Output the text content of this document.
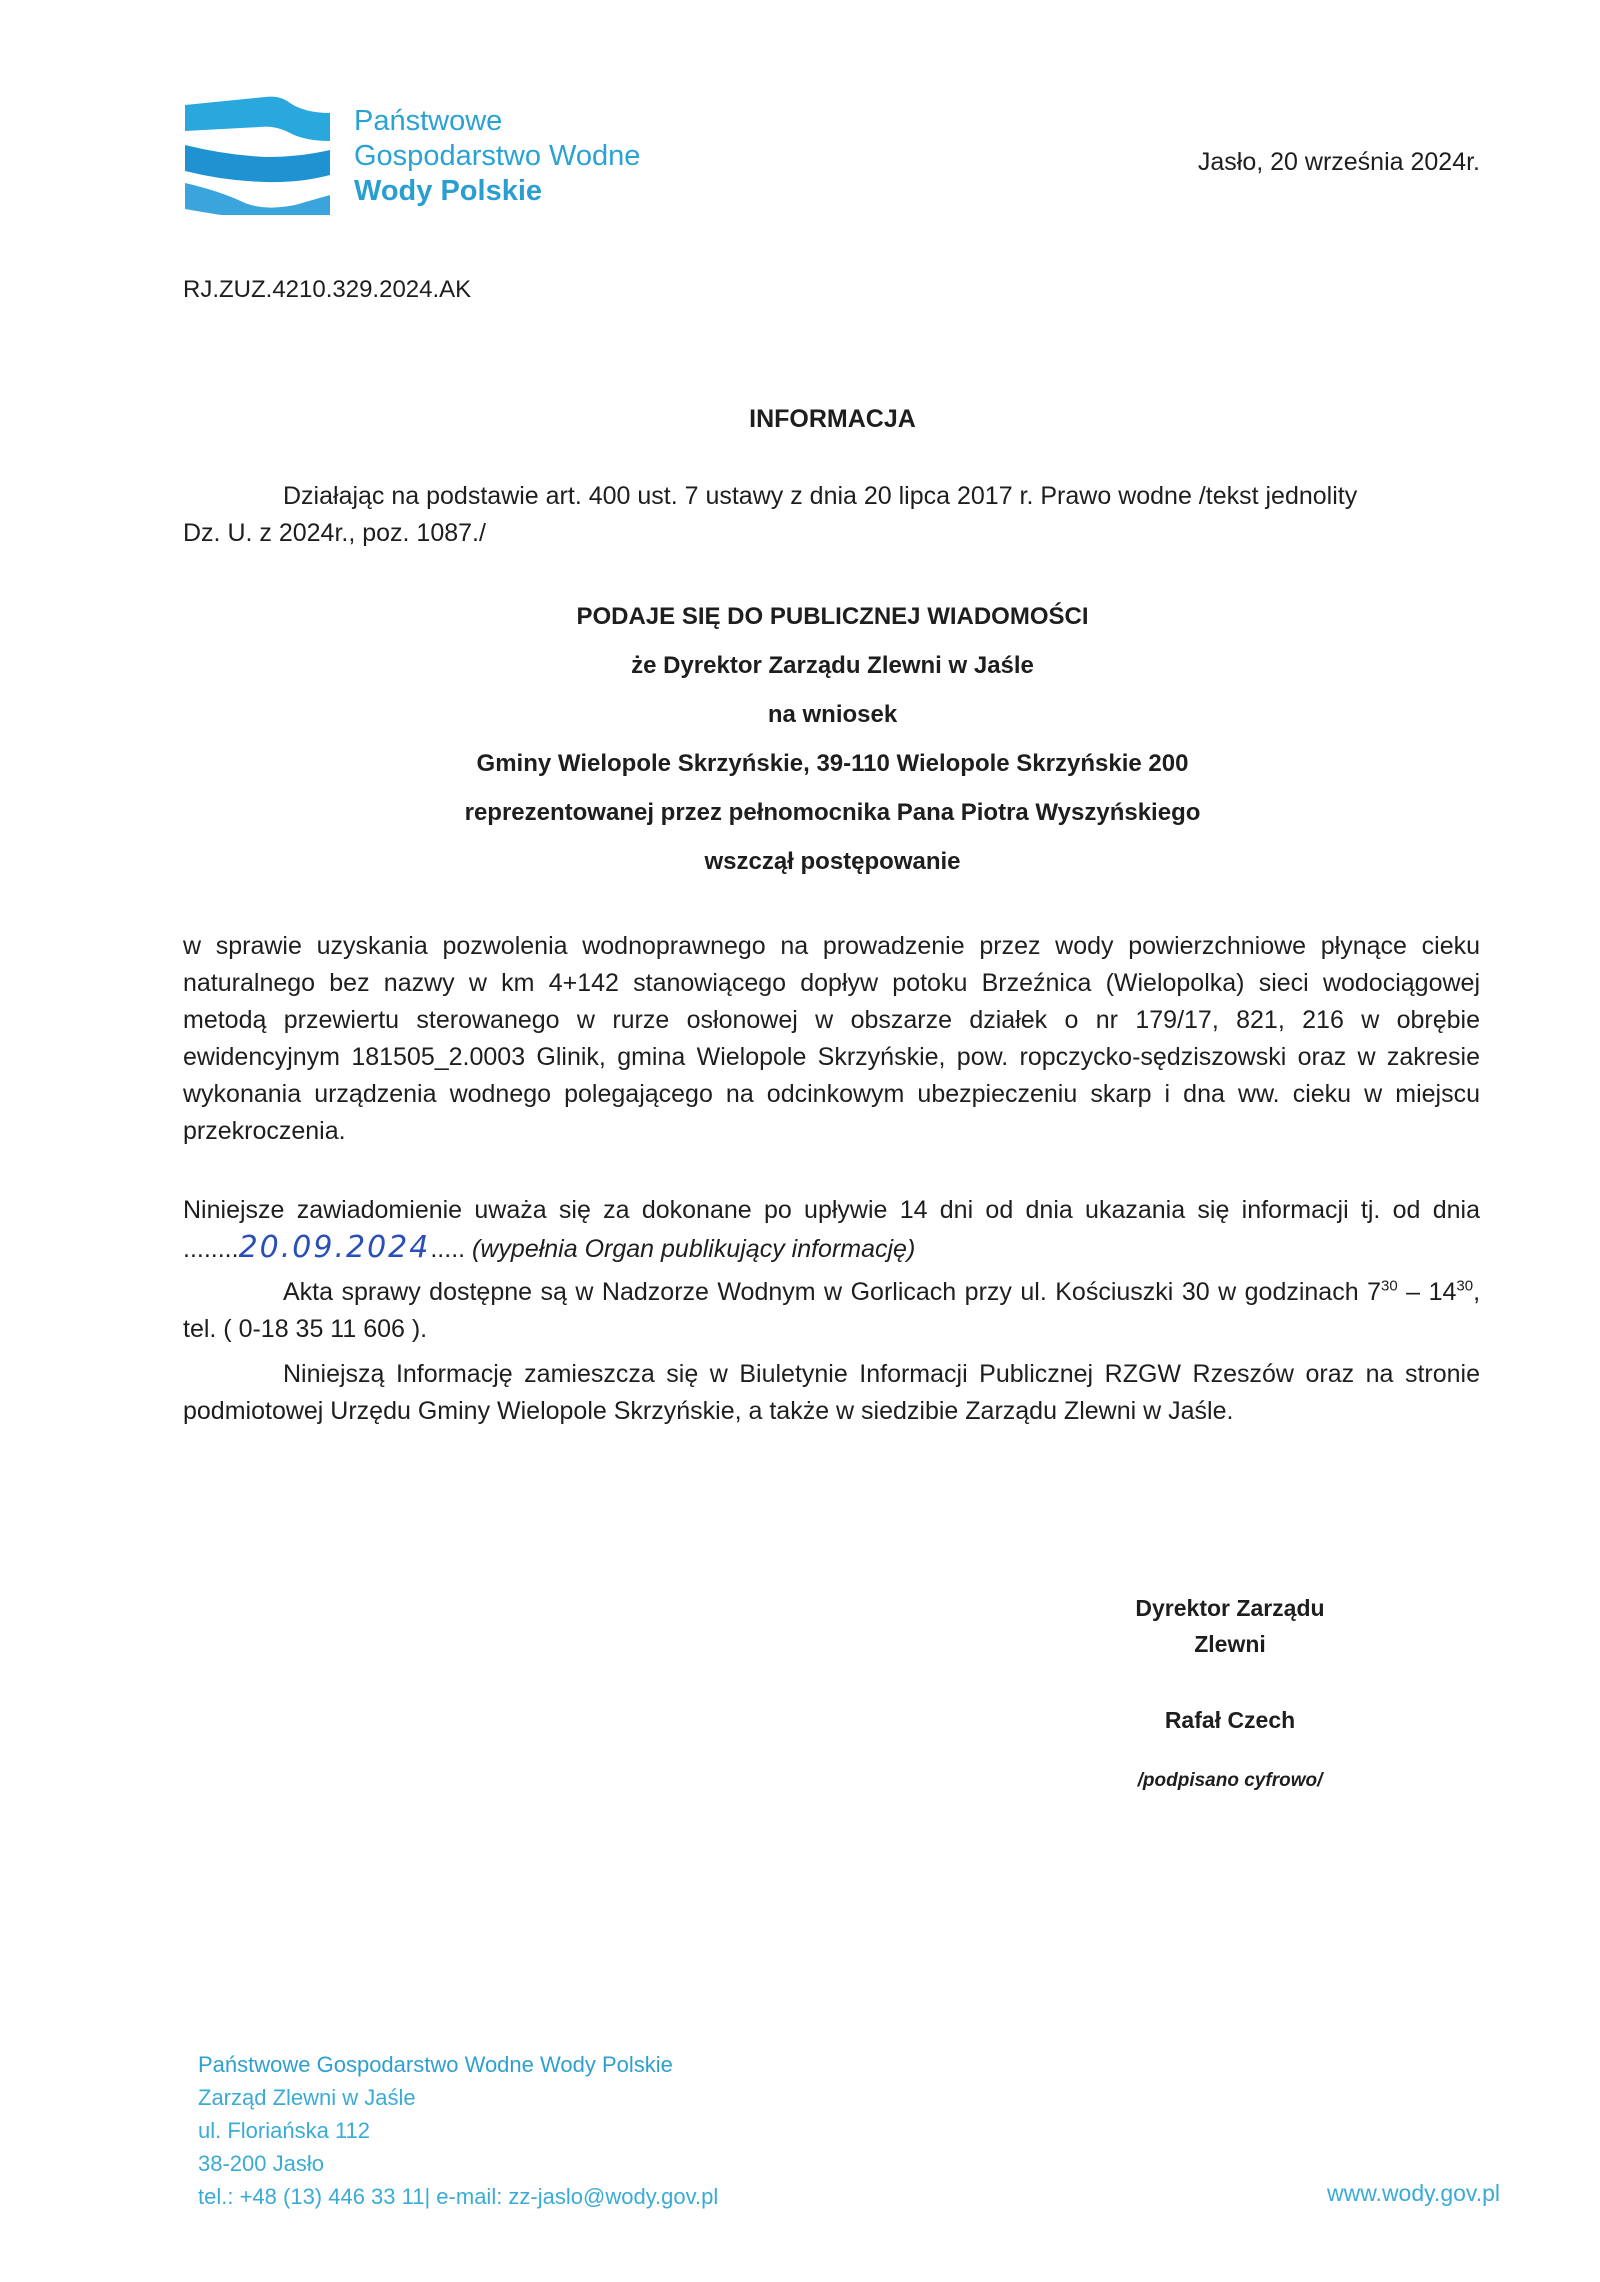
Państwowe
Gospodarstwo Wodne
Wody Polskie
Jasło, 20 września 2024r.
RJ.ZUZ.4210.329.2024.AK
INFORMACJA
Działając na podstawie art. 400 ust. 7 ustawy z dnia 20 lipca 2017 r. Prawo wodne /tekst jednolity
Dz. U. z 2024r., poz. 1087./
PODAJE SIĘ DO PUBLICZNEJ WIADOMOŚCI
że Dyrektor Zarządu Zlewni w Jaśle
na wniosek
Gminy Wielopole Skrzyńskie, 39-110 Wielopole Skrzyńskie 200
reprezentowanej przez pełnomocnika Pana Piotra Wyszyńskiego
wszczął postępowanie
w sprawie uzyskania pozwolenia wodnoprawnego na prowadzenie przez wody powierzchniowe płynące cieku naturalnego bez nazwy w km 4+142 stanowiącego dopływ potoku Brzeźnica (Wielopolka) sieci wodociągowej metodą przewiertu sterowanego w rurze osłonowej w obszarze działek o nr 179/17, 821, 216 w obrębie ewidencyjnym 181505_2.0003 Glinik, gmina Wielopole Skrzyńskie, pow. ropczycko-sędziszowski oraz w zakresie wykonania urządzenia wodnego polegającego na odcinkowym ubezpieczeniu skarp i dna ww. cieku w miejscu przekroczenia.
Niniejsze zawiadomienie uważa się za dokonane po upływie 14 dni od dnia ukazania się informacji tj. od dnia ........20.09.2024..... (wypełnia Organ publikujący informację)
Akta sprawy dostępne są w Nadzorze Wodnym w Gorlicach przy ul. Kościuszki 30 w godzinach $7^{30} - 14^{30}$, tel. ( 0-18 35 11 606 ).
Niniejszą Informację zamieszcza się w Biuletynie Informacji Publicznej RZGW Rzeszów oraz na stronie podmiotowej Urzędu Gminy Wielopole Skrzyńskie, a także w siedzibie Zarządu Zlewni w Jaśle.
Dyrektor Zarządu
Zlewni
Rafał Czech
/podpisano cyfrowo/
Państwowe Gospodarstwo Wodne Wody Polskie
Zarząd Zlewni w Jaśle
ul. Floriańska 112
38-200 Jasło
tel.: +48 (13) 446 33 11| e-mail: zz-jaslo@wody.gov.pl	www.wody.gov.pl
